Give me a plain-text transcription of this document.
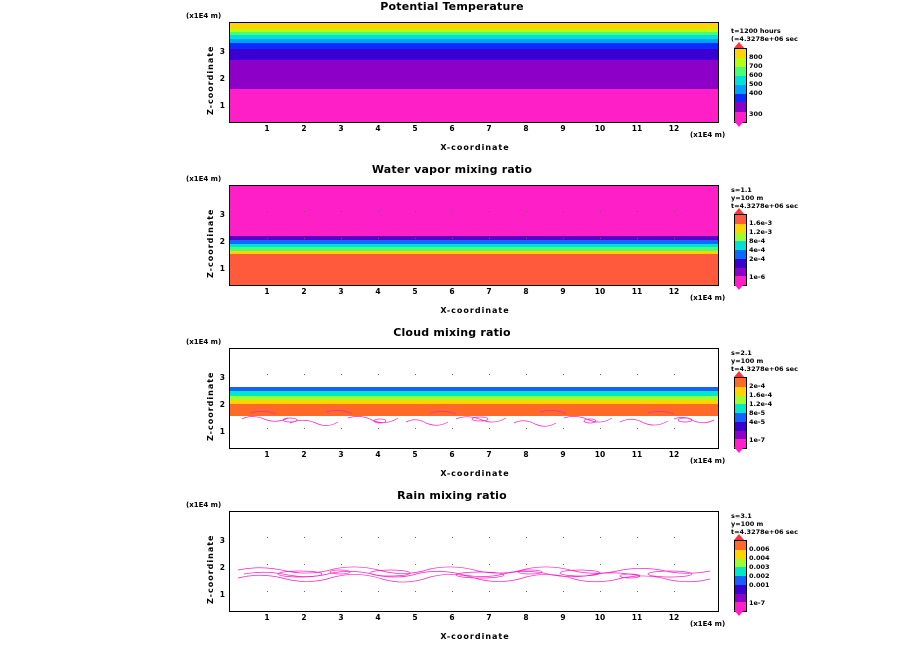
Potential Temperature
(x1E4 m)
Z-coordinate 3
2
1
1	2	3	4	5	6	7	8	9	10	11	12
(x1E4 m)
X-coordinate
t=1200 hours
(=4.3278e+06 sec
800
700
600
500
400
300
Water vapor mixing ratio
(x1E4 m)
Z-coordinate 3
2
1
1	2	3	4	5	6	7	8	9	10	11	12
(x1E4 m)
X-coordinate
s=1.1
y=100 m
t=4.3278e+06 sec
1.6e-3
1.2e-3
8e-4
4e-4
2e-4
1e-6
Cloud mixing ratio
(x1E4 m)
Z-coordinate 3
2
1
1	2	3	4	5	6	7	8	9	10	11	12
(x1E4 m)
X-coordinate
s=2.1
y=100 m
t=4.3278e+06 sec
2e-4
1.6e-4
1.2e-4
8e-5
4e-5
1e-7
Rain mixing ratio
(x1E4 m)
Z-coordinate 3
2
1
1	2	3	4	5	6	7	8	9	10	11	12
(x1E4 m)
X-coordinate
s=3.1
y=100 m
t=4.3278e+06 sec
0.006
0.004
0.003
0.002
0.001
1e-7
